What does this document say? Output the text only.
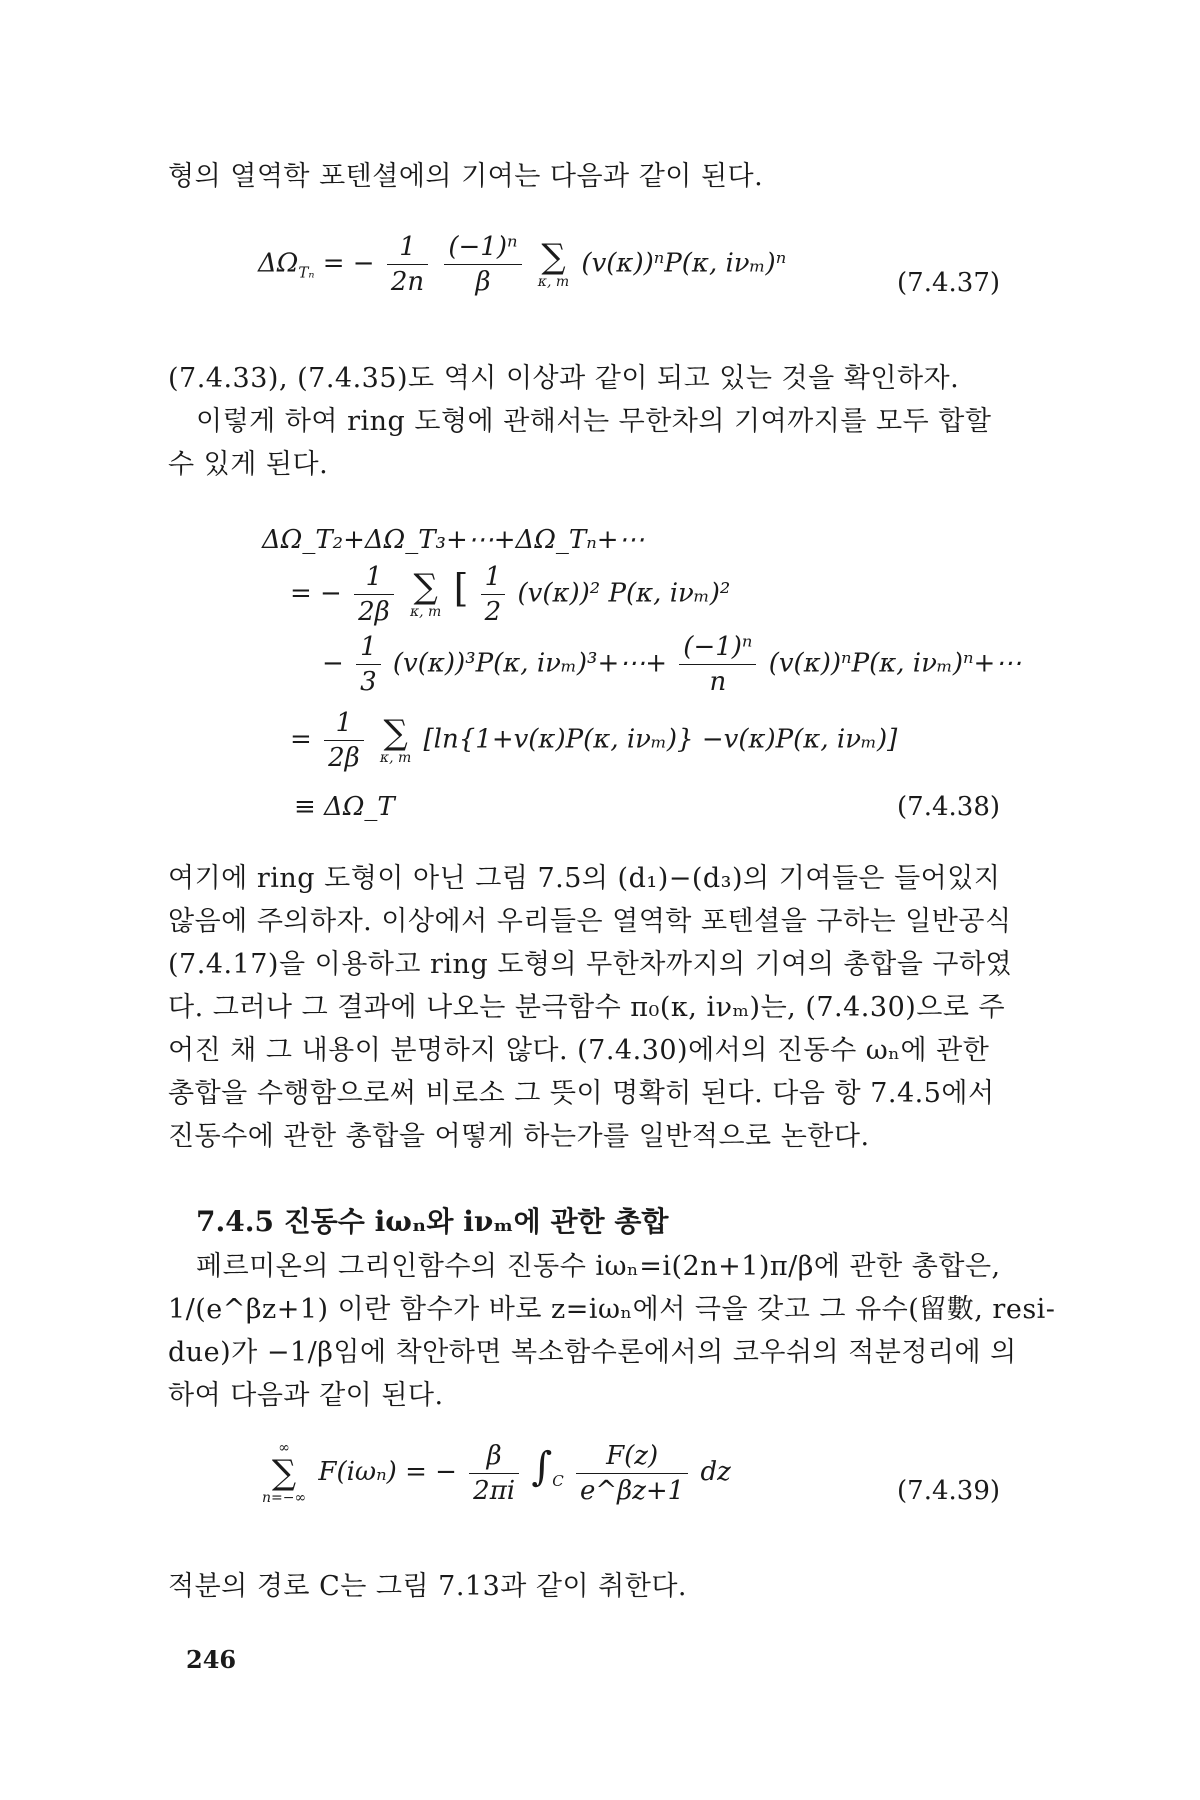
형의 열역학 포텐셜에의 기여는 다음과 같이 된다.
$\Delta\Omega_{T_n}$ = − $\frac{1}{2n}$
$\frac{\text{(−1)ⁿ}}{\beta}$
∑
κ, m
(v(κ))ⁿP(κ, iνₘ)ⁿ
(7.4.37)
(7.4.33), (7.4.35)도 역시 이상과 같이 되고 있는 것을 확인하자.
이렇게 하여 ring 도형에 관해서는 무한차의 기여까지를 모두 합할
수 있게 된다.
ΔΩ_T₂+ΔΩ_T₃+⋯+ΔΩ_Tₙ+⋯
= − $\frac{1}{2\beta}$
∑
κ, m
[ $\frac{1}{2} (v(\kappa))^2$ P(κ, iνₘ)²
− $\frac{1}{3} (v(\kappa))^3P(\kappa$, iνₘ)³+⋯+ $\frac{\text{(−1)ⁿ}}{n} (v(\kappa))^nP(\kappa$, iνₘ)ⁿ+⋯
= $\frac{1}{2\beta}$
∑
κ, m
[ln{1+v(κ)P(κ, iνₘ)} −v(κ)P(κ, iνₘ)]
≡ ΔΩ_T	(7.4.38)
여기에 ring 도형이 아닌 그림 7.5의 (d₁)−(d₃)의 기여들은 들어있지
않음에 주의하자. 이상에서 우리들은 열역학 포텐셜을 구하는 일반공식
(7.4.17)을 이용하고 ring 도형의 무한차까지의 기여의 총합을 구하였
다. 그러나 그 결과에 나오는 분극함수 π₀(κ, iνₘ)는, (7.4.30)으로 주
어진 채 그 내용이 분명하지 않다. (7.4.30)에서의 진동수 ωₙ에 관한
총합을 수행함으로써 비로소 그 뜻이 명확히 된다. 다음 항 7.4.5에서
진동수에 관한 총합을 어떻게 하는가를 일반적으로 논한다.
7.4.5 진동수 iωₙ와 iνₘ에 관한 총합
페르미온의 그리인함수의 진동수 iωₙ=i(2n+1)π/β에 관한 총합은,
1/(e^βz+1) 이란 함수가 바로 z=iωₙ에서 극을 갖고 그 유수(留數, resi-
due)가 −1/β임에 착안하면 복소함수론에서의 코우쉬의 적분정리에 의
하여 다음과 같이 된다.
∞
∑
n=−∞
F(iωₙ) = − $\frac{\beta}{2\pi i} \int_C \frac{F(z)}{e\^{}\beta z+1}$ dz
(7.4.39)
적분의 경로 C는 그림 7.13과 같이 취한다.
246
